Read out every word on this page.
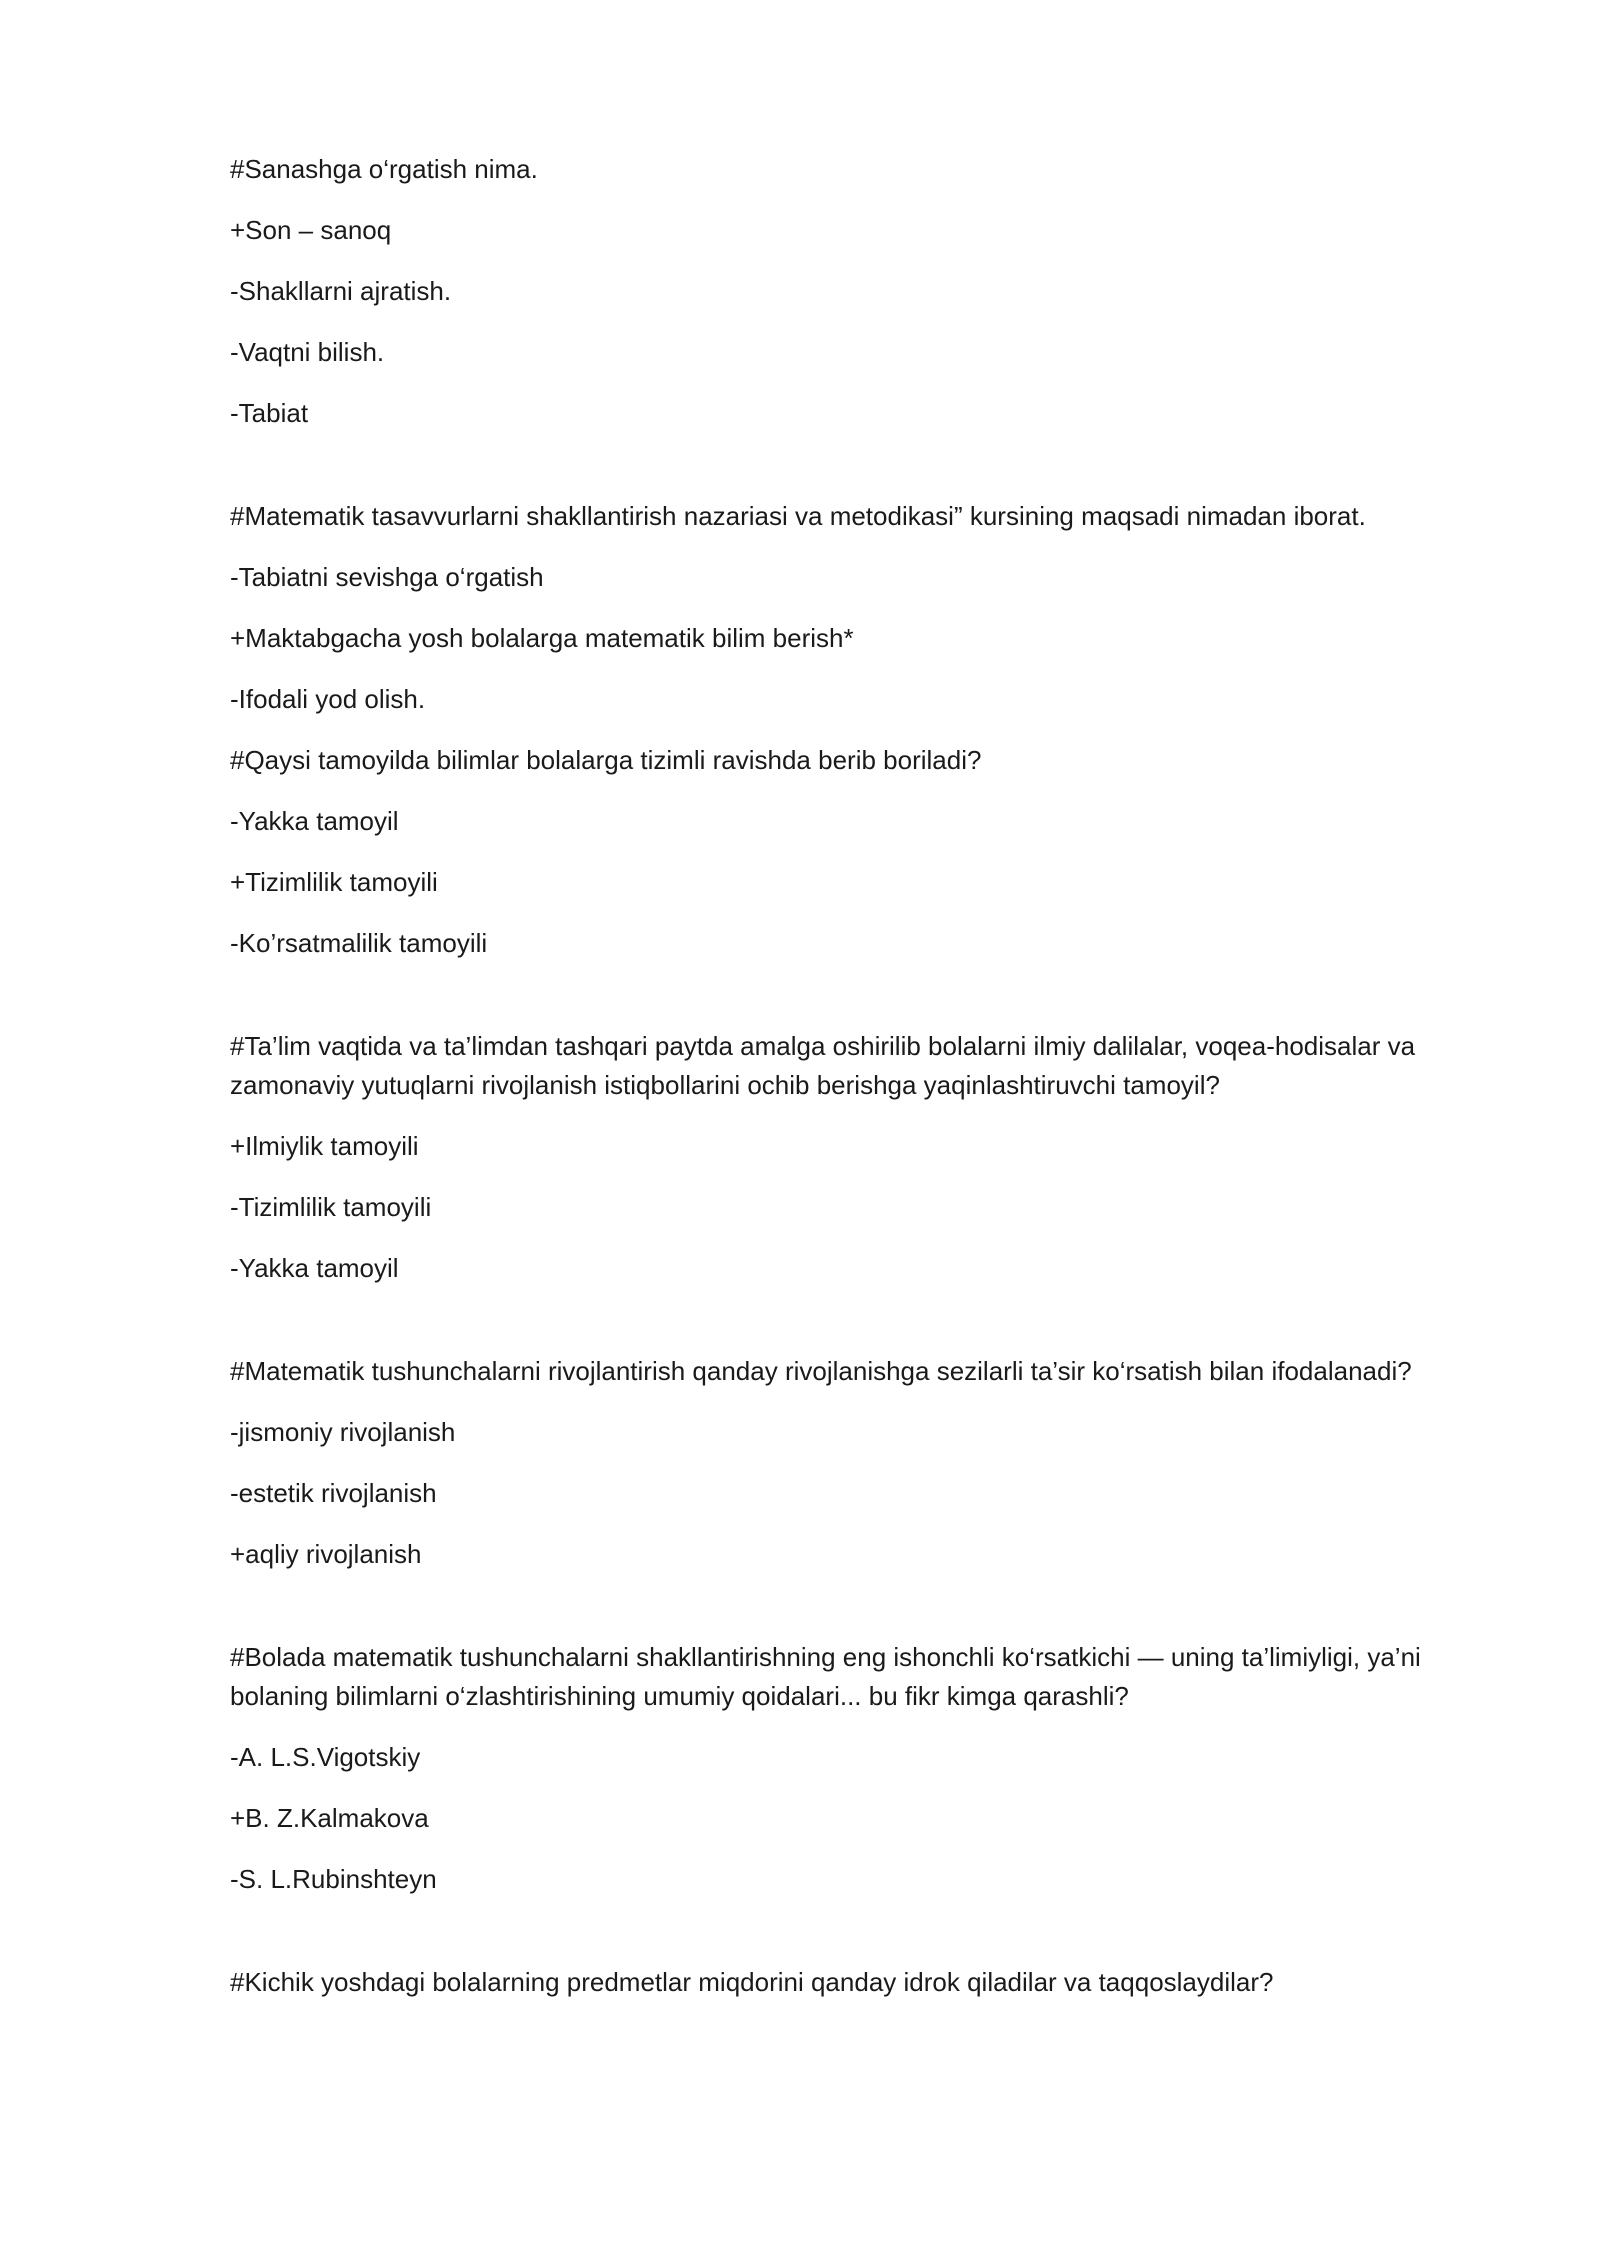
#Sanashga o‘rgatish nima.
+Son – sanoq
-Shakllarni ajratish.
-Vaqtni bilish.
-Tabiat
#Matematik tasavvurlarni shakllantirish nazariasi va metodikasi” kursining maqsadi nimadan iborat.
-Tabiatni sevishga o‘rgatish
+Maktabgacha yosh bolalarga matematik bilim berish*
-Ifodali yod olish.
#Qaysi tamoyilda bilimlar bolalarga tizimli ravishda berib boriladi?
-Yakka tamoyil
+Tizimlilik tamoyili
-Ko’rsatmalilik tamoyili
#Ta’lim vaqtida va ta’limdan tashqari paytda amalga oshirilib bolalarni ilmiy dalilalar, voqea-hodisalar va zamonaviy yutuqlarni rivojlanish istiqbollarini ochib berishga yaqinlashtiruvchi tamoyil?
+Ilmiylik tamoyili
-Tizimlilik tamoyili
-Yakka tamoyil
#Matematik tushunchalarni rivojlantirish qanday rivojlanishga sezilarli ta’sir ko‘rsatish bilan ifodalanadi?
-jismoniy rivojlanish
-estetik rivojlanish
+aqliy rivojlanish
#Bolada matematik tushunchalarni shakllantirishning eng ishonchli ko‘rsatkichi — uning ta’limiyligi, ya’ni bolaning bilimlarni o‘zlashtirishining umumiy qoidalari... bu fikr kimga qarashli?
-A. L.S.Vigotskiy
+B. Z.Kalmakova
-S. L.Rubinshteyn
#Kichik yoshdagi bolalarning predmetlar miqdorini qanday idrok qiladilar va taqqoslaydilar?
